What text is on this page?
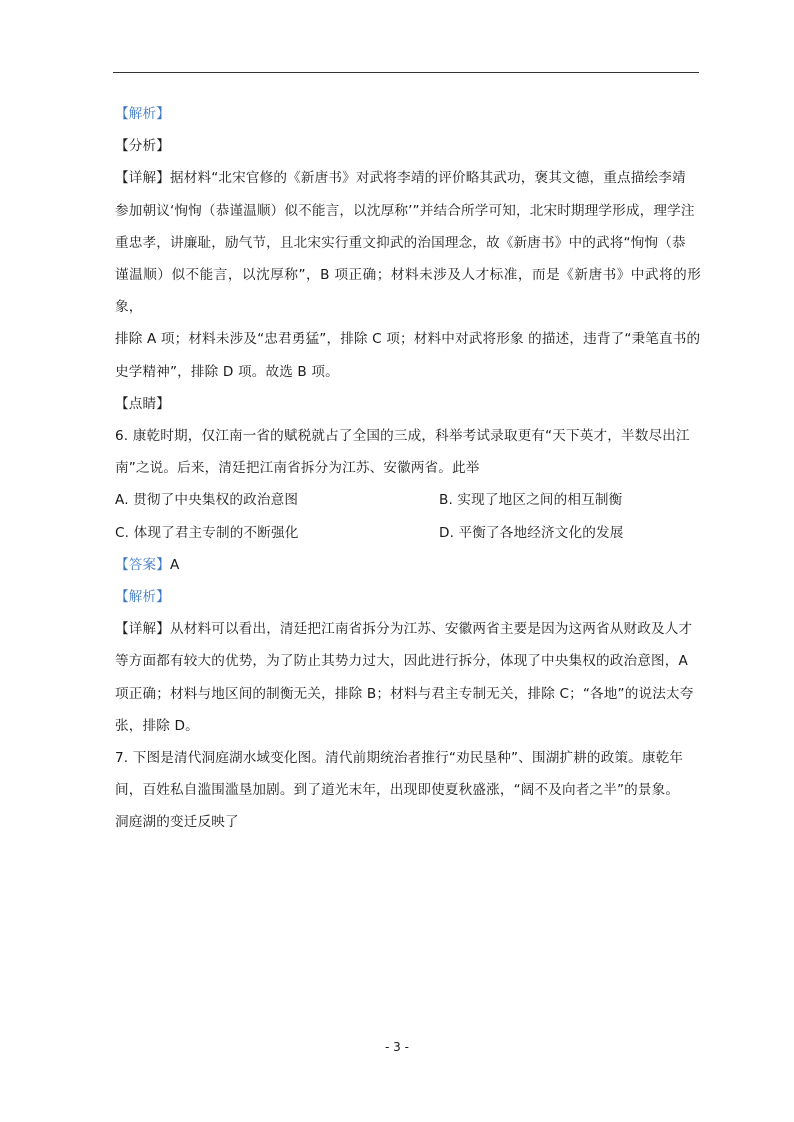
【解析】

【分析】

【详解】据材料“北宋官修的《新唐书》对武将李靖的评价略其武功，褒其文德，重点描绘李靖

参加朝议‘恂恂（恭谨温顺）似不能言，以沈厚称’”并结合所学可知，北宋时期理学形成，理学注

重忠孝，讲廉耻，励气节，且北宋实行重文抑武的治国理念，故《新唐书》中的武将“恂恂（恭

谨温顺）似不能言，以沈厚称”，B 项正确；材料未涉及人才标准，而是《新唐书》中武将的形象，

排除 A 项；材料未涉及“忠君勇猛”，排除 C 项；材料中对武将形象 的描述，违背了“秉笔直书的

史学精神”，排除 D 项。故选 B 项。

【点睛】

6. 康乾时期，仅江南一省的赋税就占了全国的三成，科举考试录取更有“天下英才，半数尽出江

南”之说。后来，清廷把江南省拆分为江苏、安徽两省。此举

A. 贯彻了中央集权的政治意图	B. 实现了地区之间的相互制衡
C. 体现了君主专制的不断强化	D. 平衡了各地经济文化的发展

【答案】A

【解析】

【详解】从材料可以看出，清廷把江南省拆分为江苏、安徽两省主要是因为这两省从财政及人才

等方面都有较大的优势，为了防止其势力过大，因此进行拆分，体现了中央集权的政治意图，A

项正确；材料与地区间的制衡无关，排除 B；材料与君主专制无关，排除 C；“各地”的说法太夸

张，排除 D。

7. 下图是清代洞庭湖水域变化图。清代前期统治者推行“劝民垦种”、围湖扩耕的政策。康乾年

间，百姓私自滥围滥垦加剧。到了道光末年，出现即使夏秋盛涨，“阔不及向者之半”的景象。

洞庭湖的变迁反映了

- 3 -
